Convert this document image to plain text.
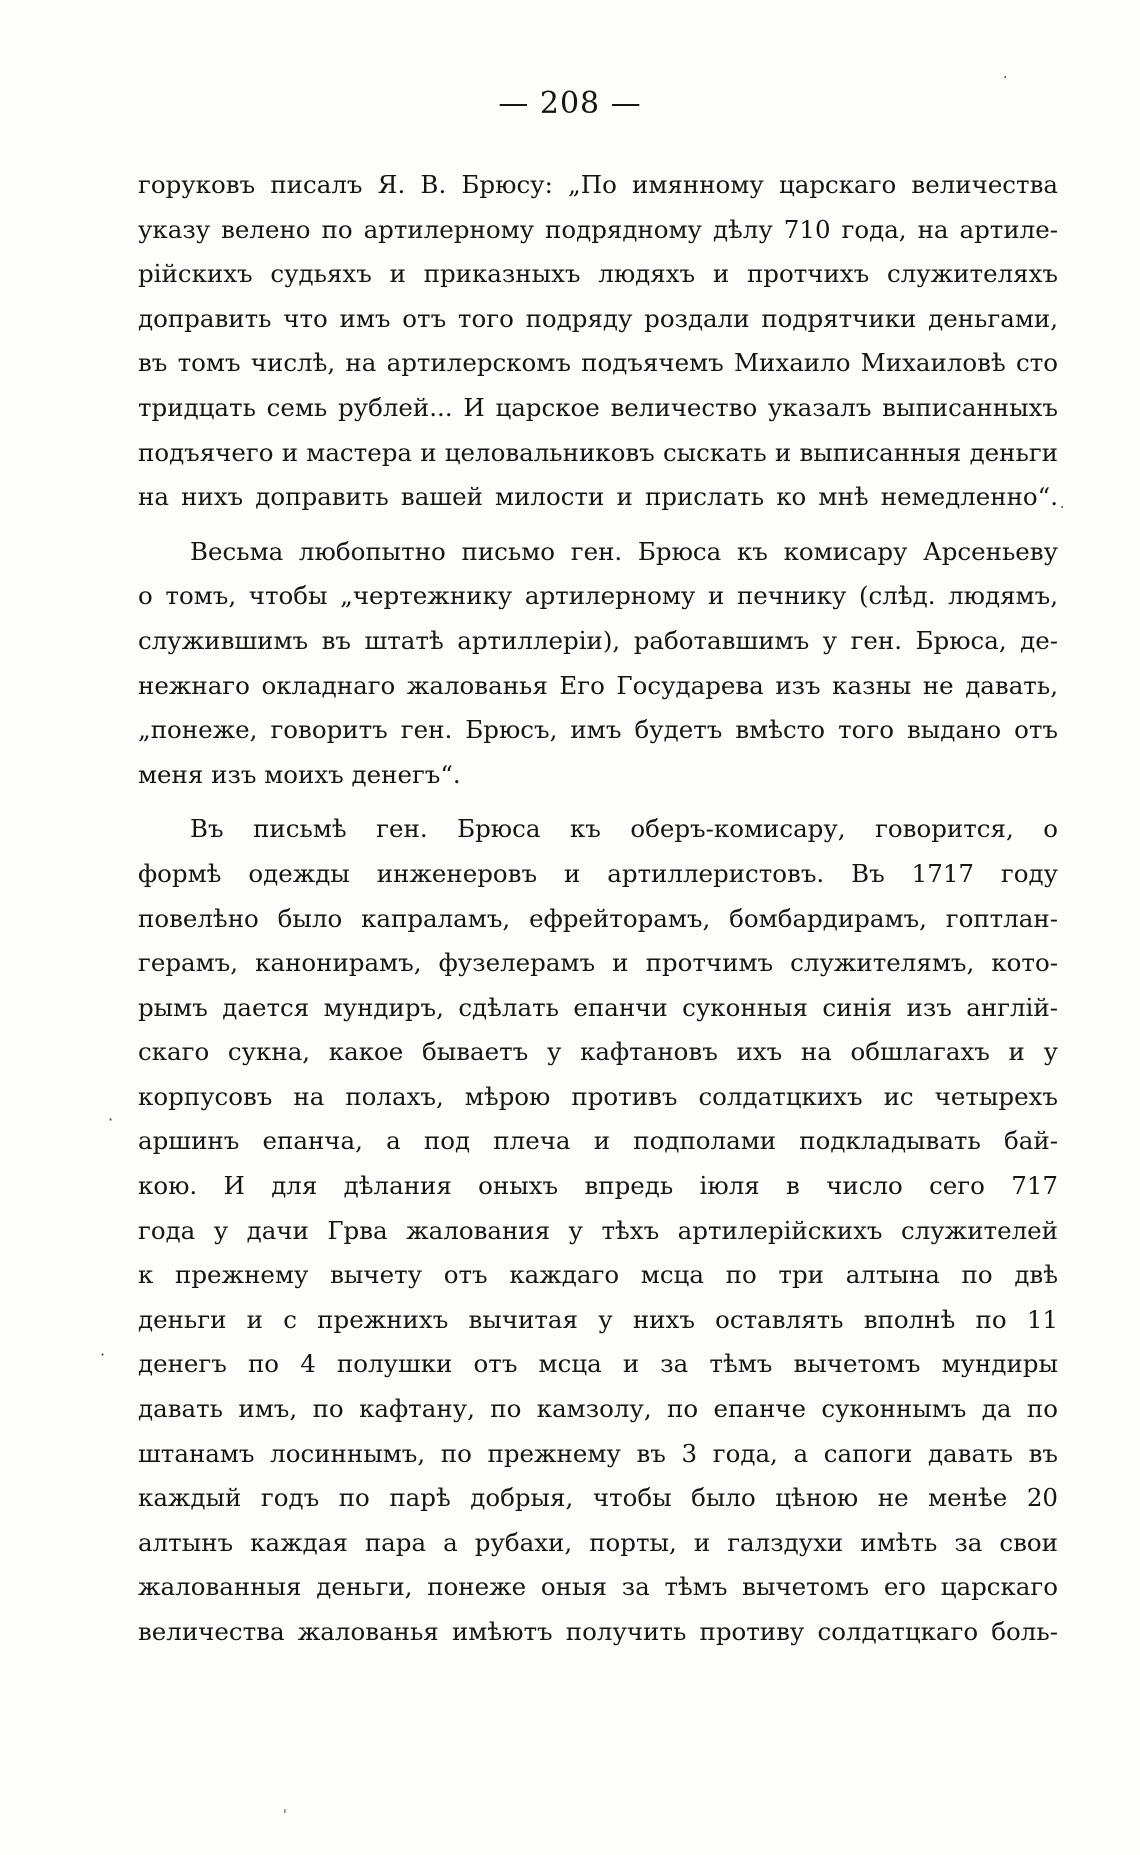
— 208 —
горуковъ писалъ Я. В. Брюсу: „По имянному царскаго величества
указу велено по артилерному подрядному дѣлу 710 года, на артиле-
рiйскихъ судьяхъ и приказныхъ людяхъ и протчихъ служителяхъ
доправить что имъ отъ того подряду роздали подрятчики деньгами,
въ томъ числѣ, на артилерскомъ подъячемъ Михаило Михаиловѣ сто
тридцать семь рублей... И царское величество указалъ выписанныхъ
подъячего и мастера и целовальниковъ сыскать и выписанныя деньги
на нихъ доправить вашей милости и прислать ко мнѣ немедленно“.
Весьма любопытно письмо ген. Брюса къ комисару Арсеньеву
о томъ, чтобы „чертежнику артилерному и печнику (слѣд. людямъ,
служившимъ въ штатѣ артиллерiи), работавшимъ у ген. Брюса, де-
нежнаго окладнаго жалованья Его Государева изъ казны не давать,
„понеже, говоритъ ген. Брюсъ, имъ будетъ вмѣсто того выдано отъ
меня изъ моихъ денегъ“.
Въ письмѣ ген. Брюса къ оберъ-комисару, говорится, о
формѣ одежды инженеровъ и артиллеристовъ. Въ 1717 году
повелѣно было капраламъ, ефрейторамъ, бомбардирамъ, гоптлан-
герамъ, канонирамъ, фузелерамъ и протчимъ служителямъ, кото-
рымъ дается мундиръ, сдѣлать епанчи суконныя синiя изъ англiй-
скаго сукна, какое бываетъ у кафтановъ ихъ на обшлагахъ и у
корпусовъ на полахъ, мѣрою противъ солдатцкихъ ис четырехъ
аршинъ епанча, а под плеча и подполами подкладывать бай-
кою. И для дѣлания оныхъ впредь iюля в число сего 717
года у дачи Грва жалования у тѣхъ артилерiйскихъ служителей
к прежнему вычету отъ каждаго мсца по три алтына по двѣ
деньги и с прежнихъ вычитая у нихъ оставлять вполнѣ по 11
денегъ по 4 полушки отъ мсца и за тѣмъ вычетомъ мундиры
давать имъ, по кафтану, по камзолу, по епанче суконнымъ да по
штанамъ лосиннымъ, по прежнему въ 3 года, а сапоги давать въ
каждый годъ по парѣ добрыя, чтобы было цѣною не менѣе 20
алтынъ каждая пара а рубахи, порты, и галздухи имѣть за свои
жалованныя деньги, понеже оныя за тѣмъ вычетомъ его царскаго
величества жалованья имѣютъ получить противу солдатцкаго боль-
·
·
·
·
ˈ
